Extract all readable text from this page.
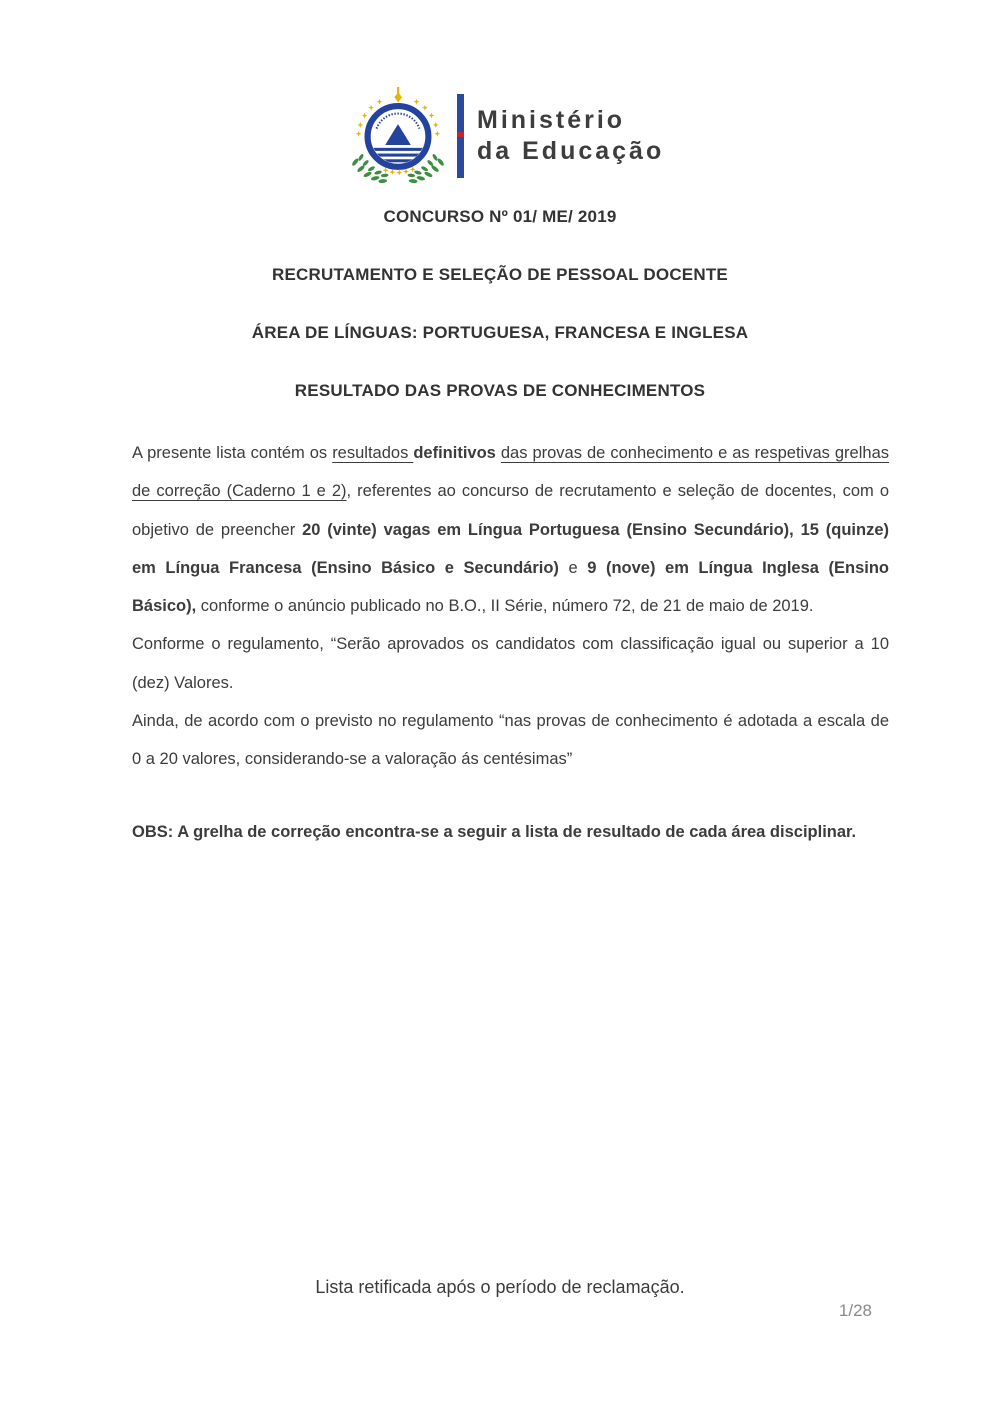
Ministério
da Educação
CONCURSO Nº 01/ ME/ 2019
RECRUTAMENTO E SELEÇÃO DE PESSOAL DOCENTE
ÁREA DE LÍNGUAS: PORTUGUESA, FRANCESA E INGLESA
RESULTADO DAS PROVAS DE CONHECIMENTOS

A presente lista contém os resultados definitivos das provas de conhecimento e as respetivas grelhas de correção (Caderno 1 e 2), referentes ao concurso de recrutamento e seleção de docentes, com o objetivo de preencher 20 (vinte) vagas em Língua Portuguesa (Ensino Secundário), 15 (quinze) em Língua Francesa (Ensino Básico e Secundário) e 9 (nove) em Língua Inglesa (Ensino Básico), conforme o anúncio publicado no B.O., II Série, número 72, de 21 de maio de 2019.

Conforme o regulamento, “Serão aprovados os candidatos com classificação igual ou superior a 10 (dez) Valores.

Ainda, de acordo com o previsto no regulamento “nas provas de conhecimento é adotada a escala de 0 a 20 valores, considerando-se a valoração ás centésimas”

OBS: A grelha de correção encontra-se a seguir a lista de resultado de cada área disciplinar.

Lista retificada após o período de reclamação.
1/28
